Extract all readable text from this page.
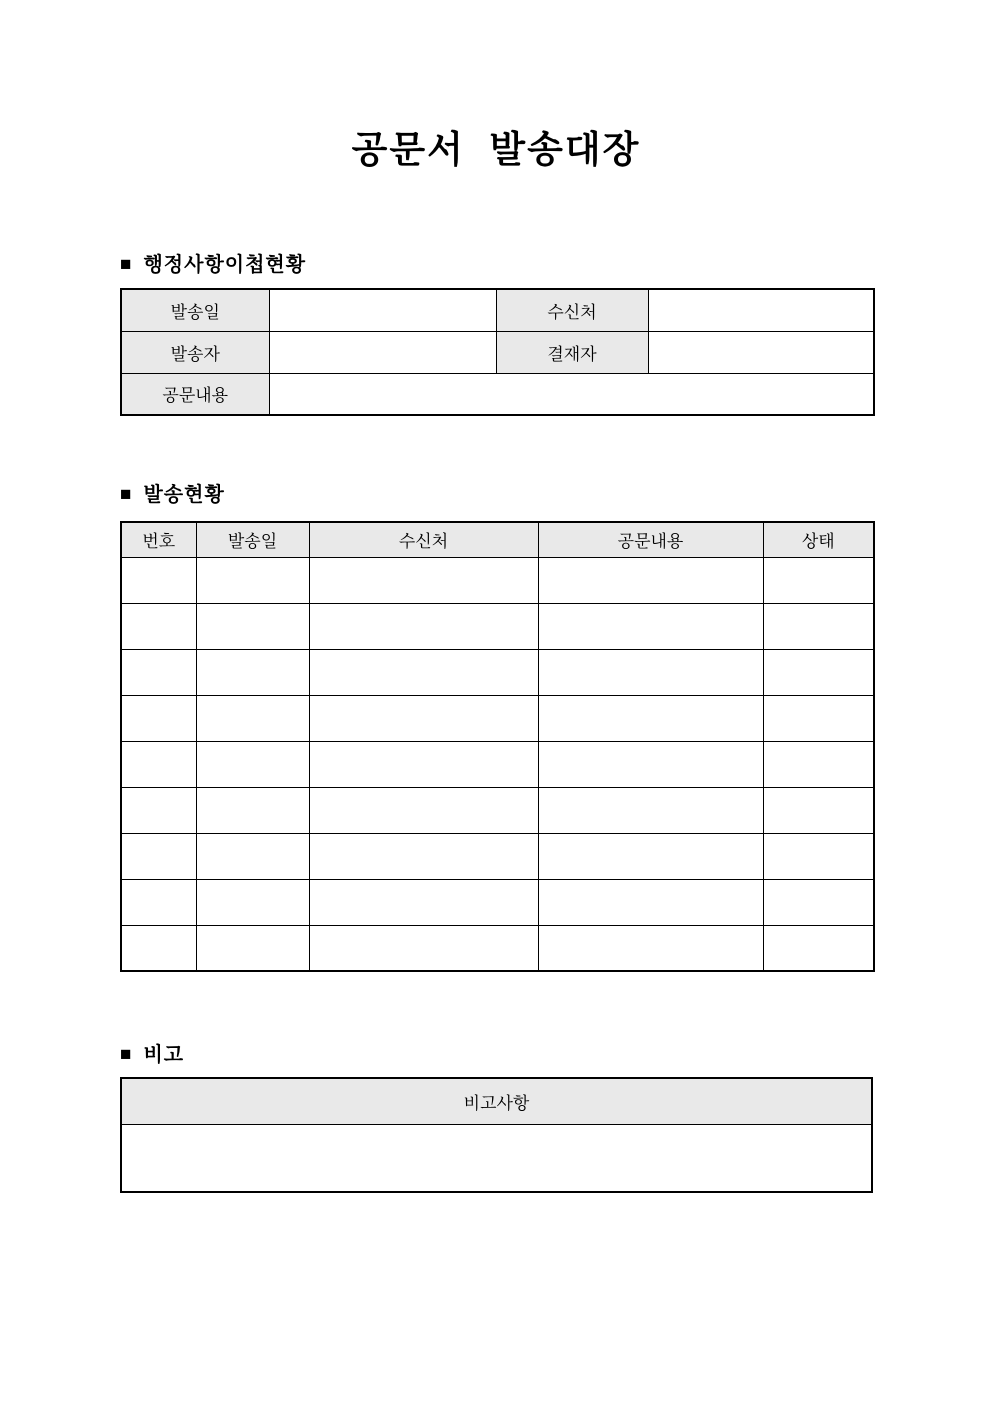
공문서  발송대장
■ 행정사항이첩현황
발송일		수신처	
발송자		결재자	
공문내용			
■ 발송현황
번호	발송일	수신처	공문내용	상태

■ 비고
비고사항
